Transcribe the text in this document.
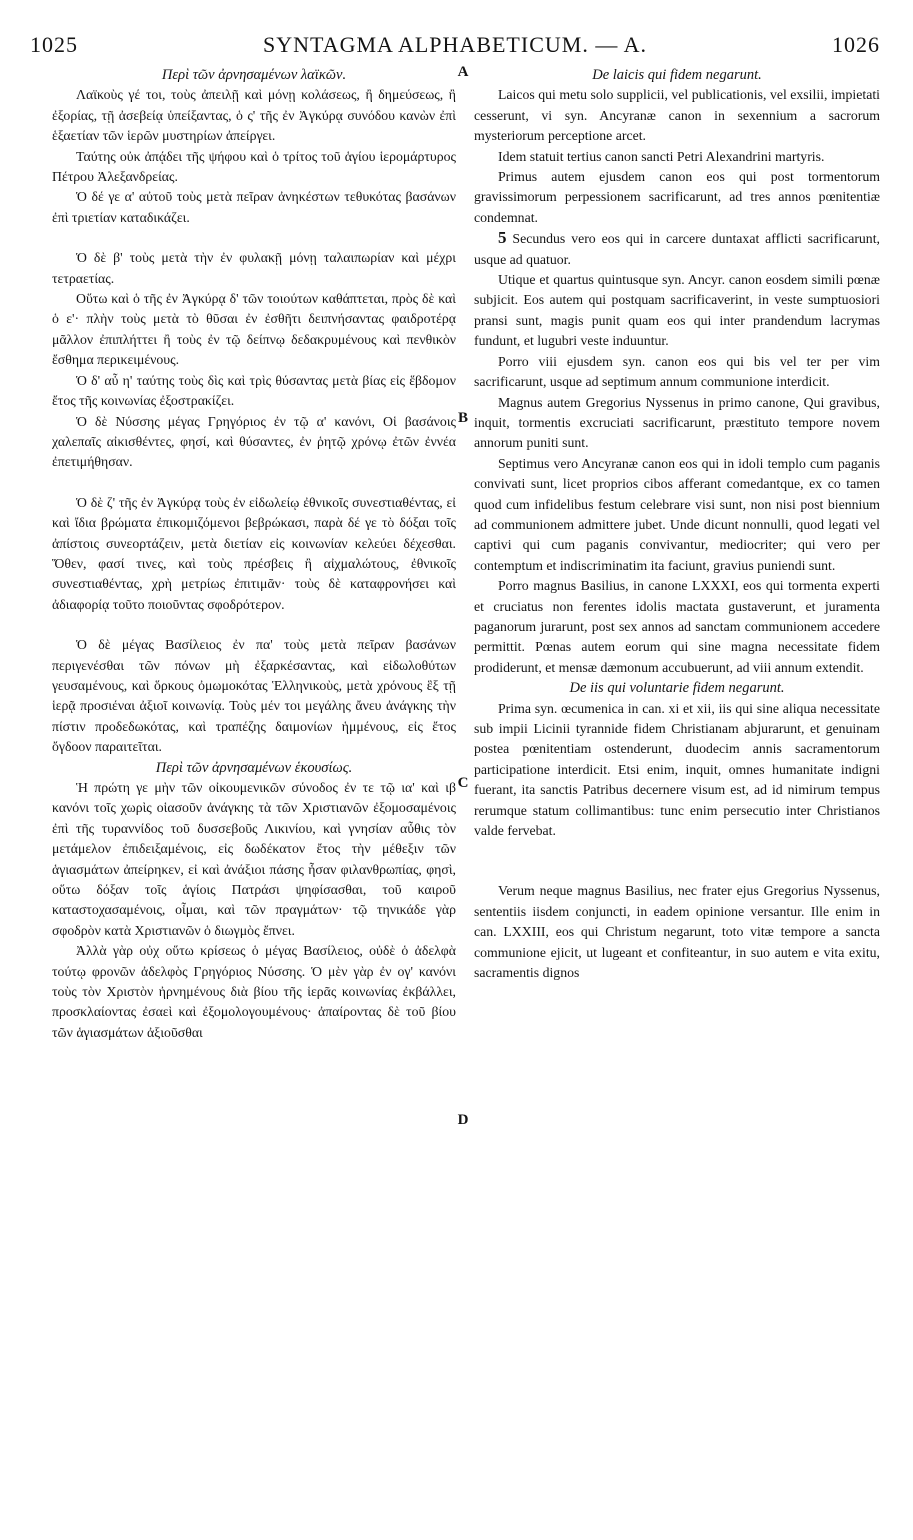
1025	SYNTAGMA ALPHABETICUM. — A.	1026
A
B
C
D

Περὶ τῶν ἀρνησαμένων λαϊκῶν.

Λαϊκοὺς γέ τοι, τοὺς ἀπειλῇ καὶ μόνῃ κολάσεως, ἢ δημεύσεως, ἢ ἐξορίας, τῇ ἀσεβείᾳ ὑπείξαντας, ὁ ς' τῆς ἐν Ἀγκύρᾳ συνόδου κανὼν ἐπὶ ἑξαετίαν τῶν ἱερῶν μυστηρίων ἀπείργει.

Ταύτης οὐκ ἀπᾴδει τῆς ψήφου καὶ ὁ τρίτος τοῦ ἁγίου ἱερομάρτυρος Πέτρου Ἀλεξανδρείας.

Ὁ δέ γε α' αὐτοῦ τοὺς μετὰ πεῖραν ἀνηκέστων τεθυκότας βασάνων ἐπὶ τριετίαν καταδικάζει.

Ὁ δὲ β' τοὺς μετὰ τὴν ἐν φυλακῇ μόνῃ ταλαιπωρίαν καὶ μέχρι τετραετίας.

Οὕτω καὶ ὁ τῆς ἐν Ἀγκύρᾳ δ' τῶν τοιούτων καθάπτεται, πρὸς δὲ καὶ ὁ ε'· πλὴν τοὺς μετὰ τὸ θῦσαι ἐν ἐσθῆτι δειπνήσαντας φαιδροτέρᾳ μᾶλλον ἐπιπλήττει ἢ τοὺς ἐν τῷ δείπνῳ δεδακρυμένους καὶ πενθικὸν ἔσθημα περικειμένους.

Ὁ δ' αὖ η' ταύτης τοὺς δὶς καὶ τρὶς θύσαντας μετὰ βίας εἰς ἕβδομον ἔτος τῆς κοινωνίας ἐξοστρακίζει.

Ὁ δὲ Νύσσης μέγας Γρηγόριος ἐν τῷ α' κανόνι, Οἱ βασάνοις χαλεπαῖς αἰκισθέντες, φησί, καὶ θύσαντες, ἐν ῥητῷ χρόνῳ ἐτῶν ἐννέα ἐπετιμήθησαν.

Ὁ δὲ ζ' τῆς ἐν Ἀγκύρᾳ τοὺς ἐν εἰδωλείῳ ἐθνικοῖς συνεστιαθέντας, εἰ καὶ ἴδια βρώματα ἐπικομιζόμενοι βεβρώκασι, παρὰ δέ γε τὸ δόξαι τοῖς ἀπίστοις συνεορτάζειν, μετὰ διετίαν εἰς κοινωνίαν κελεύει δέχεσθαι. Ὅθεν, φασί τινες, καὶ τοὺς πρέσβεις ἢ αἰχμαλώτους, ἐθνικοῖς συνεστιαθέντας, χρὴ μετρίως ἐπιτιμᾶν· τοὺς δὲ καταφρονήσει καὶ ἀδιαφορίᾳ τοῦτο ποιοῦντας σφοδρότερον.

Ὁ δὲ μέγας Βασίλειος ἐν πα' τοὺς μετὰ πεῖραν βασάνων περιγενέσθαι τῶν πόνων μὴ ἐξαρκέσαντας, καὶ εἰδωλοθύτων γευσαμένους, καὶ ὅρκους ὀμωμοκότας Ἑλληνικοὺς, μετὰ χρόνους ἓξ τῇ ἱερᾷ προσιέναι ἀξιοῖ κοινωνίᾳ. Τοὺς μέν τοι μεγάλης ἄνευ ἀνάγκης τὴν πίστιν προδεδωκότας, καὶ τραπέζης δαιμονίων ἡμμένους, εἰς ἔτος ὄγδοον παραιτεῖται.

Περὶ τῶν ἀρνησαμένων ἑκουσίως.

Ἡ πρώτη γε μὴν τῶν οἰκουμενικῶν σύνοδος ἐν τε τῷ ια' καὶ ιβ κανόνι τοῖς χωρὶς οἱασοῦν ἀνάγκης τὰ τῶν Χριστιανῶν ἐξομοσαμένοις ἐπὶ τῆς τυραννίδος τοῦ δυσσεβοῦς Λικινίου, καὶ γνησίαν αὖθις τὸν μετάμελον ἐπιδειξαμένοις, εἰς δωδέκατον ἔτος τὴν μέθεξιν τῶν ἁγιασμάτων ἀπείρηκεν, εἰ καὶ ἀνάξιοι πάσης ἦσαν φιλανθρωπίας, φησὶ, οὕτω δόξαν τοῖς ἁγίοις Πατράσι ψηφίσασθαι, τοῦ καιροῦ καταστοχασαμένοις, οἶμαι, καὶ τῶν πραγμάτων· τῷ τηνικάδε γὰρ σφοδρὸν κατὰ Χριστιανῶν ὁ διωγμὸς ἔπνει.

Ἀλλὰ γὰρ οὐχ οὕτω κρίσεως ὁ μέγας Βασίλειος, οὐδὲ ὁ ἀδελφὰ τούτῳ φρονῶν ἀδελφὸς Γρηγόριος Νύσσης. Ὁ μὲν γὰρ ἐν ογ' κανόνι τοὺς τὸν Χριστὸν ἠρνημένους διὰ βίου τῆς ἱερᾶς κοινωνίας ἐκβάλλει, προσκλαίοντας ἐσαεὶ καὶ ἐξομολογουμένους· ἀπαίροντας δὲ τοῦ βίου τῶν ἁγιασμάτων ἀξιοῦσθαι

De laicis qui fidem negarunt.

Laicos qui metu solo supplicii, vel publicationis, vel exsilii, impietati cesserunt, vi syn. Ancyranæ canon in sexennium a sacrorum mysteriorum perceptione arcet.

Idem statuit tertius canon sancti Petri Alexandrini martyris.

Primus autem ejusdem canon eos qui post tormentorum gravissimorum perpessionem sacrificarunt, ad tres annos pœnitentiæ condemnat.

5 Secundus vero eos qui in carcere duntaxat afflicti sacrificarunt, usque ad quatuor.

Utique et quartus quintusque syn. Ancyr. canon eosdem simili pœnæ subjicit. Eos autem qui postquam sacrificaverint, in veste sumptuosiori pransi sunt, magis punit quam eos qui inter prandendum lacrymas fundunt, et lugubri veste induuntur.

Porro viii ejusdem syn. canon eos qui bis vel ter per vim sacrificarunt, usque ad septimum annum communione interdicit.

Magnus autem Gregorius Nyssenus in primo canone, Qui gravibus, inquit, tormentis excruciati sacrificarunt, præstituto tempore novem annorum puniti sunt.

Septimus vero Ancyranæ canon eos qui in idoli templo cum paganis convivati sunt, licet proprios cibos afferant comedantque, ex co tamen quod cum infidelibus festum celebrare visi sunt, non nisi post biennium ad communionem admittere jubet. Unde dicunt nonnulli, quod legati vel captivi qui cum paganis convivantur, mediocriter; qui vero per contemptum et indiscriminatim ita faciunt, gravius puniendi sunt.

Porro magnus Basilius, in canone LXXXI, eos qui tormenta experti et cruciatus non ferentes idolis mactata gustaverunt, et juramenta paganorum jurarunt, post sex annos ad sanctam communionem accedere permittit. Pœnas autem eorum qui sine magna necessitate fidem prodiderunt, et mensæ dæmonum accubuerunt, ad viii annum extendit.

De iis qui voluntarie fidem negarunt.

Prima syn. œcumenica in can. xi et xii, iis qui sine aliqua necessitate sub impii Licinii tyrannide fidem Christianam abjurarunt, et genuinam postea pœnitentiam ostenderunt, duodecim annis sacramentorum participatione interdicit. Etsi enim, inquit, omnes humanitate indigni fuerant, ita sanctis Patribus decernere visum est, ad id nimirum tempus rerumque statum collimantibus: tunc enim persecutio inter Christianos valde fervebat.

Verum neque magnus Basilius, nec frater ejus Gregorius Nyssenus, sententiis iisdem conjuncti, in eadem opinione versantur. Ille enim in can. LXXIII, eos qui Christum negarunt, toto vitæ tempore a sancta communione ejicit, ut lugeant et confiteantur, in suo autem e vita exitu, sacramentis dignos
